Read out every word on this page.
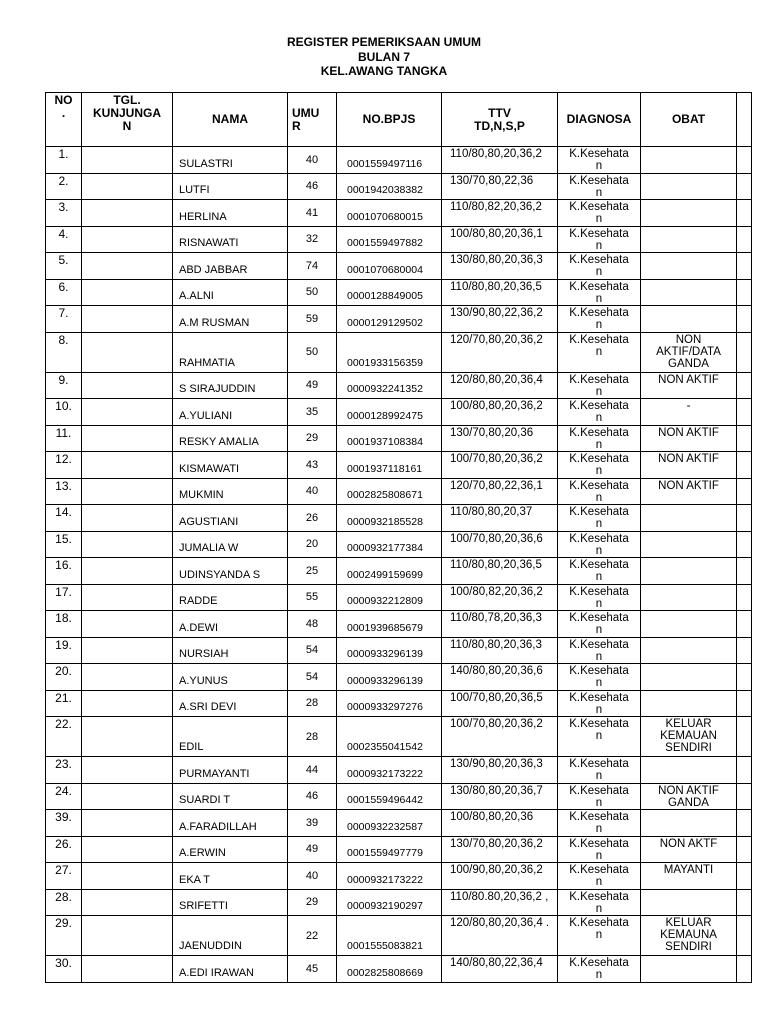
REGISTER PEMERIKSAAN UMUM
BULAN 7
KEL.AWANG TANGKA
NO
.	TGL.
KUNJUNGA
N	NAMA	UMU
R	NO.BPJS	TTV
TD,N,S,P	DIAGNOSA	OBAT	
1.		SULASTRI	40	0001559497116	110/80,80,20,36,2	K.Kesehata
n		
2.		LUTFI	46	0001942038382	130/70,80,22,36	K.Kesehata
n		
3.		HERLINA	41	0001070680015	110/80,82,20,36,2	K.Kesehata
n		
4.		RISNAWATI	32	0001559497882	100/80,80,20,36,1	K.Kesehata
n		
5.		ABD JABBAR	74	0001070680004	130/80,80,20,36,3	K.Kesehata
n		
6.		A.ALNI	50	0000128849005	110/80,80,20,36,5	K.Kesehata
n		
7.		A.M RUSMAN	59	0000129129502	130/90,80,22,36,2	K.Kesehata
n		
8.		RAHMATIA	50	0001933156359	120/70,80,20,36,2	K.Kesehata
n	NON
AKTIF/DATA
GANDA	
9.		S SIRAJUDDIN	49	0000932241352	120/80,80,20,36,4	K.Kesehata
n	NON AKTIF	
10.		A.YULIANI	35	0000128992475	100/80,80,20,36,2	K.Kesehata
n	-	
11.		RESKY AMALIA	29	0001937108384	130/70,80,20,36	K.Kesehata
n	NON AKTIF	
12.		KISMAWATI	43	0001937118161	100/70,80,20,36,2	K.Kesehata
n	NON AKTIF	
13.		MUKMIN	40	0002825808671	120/70,80,22,36,1	K.Kesehata
n	NON AKTIF	
14.		AGUSTIANI	26	0000932185528	110/80,80,20,37	K.Kesehata
n		
15.		JUMALIA W	20	0000932177384	100/70,80,20,36,6	K.Kesehata
n		
16.		UDINSYANDA S	25	0002499159699	110/80,80,20,36,5	K.Kesehata
n		
17.		RADDE	55	0000932212809	100/80,82,20,36,2	K.Kesehata
n		
18.		A.DEWI	48	0001939685679	110/80,78,20,36,3	K.Kesehata
n		
19.		NURSIAH	54	0000933296139	110/80,80,20,36,3	K.Kesehata
n		
20.		A.YUNUS	54	0000933296139	140/80,80,20,36,6	K.Kesehata
n		
21.		A.SRI DEVI	28	0000933297276	100/70,80,20,36,5	K.Kesehata
n		
22.		EDIL	28	0002355041542	100/70,80,20,36,2	K.Kesehata
n	KELUAR
KEMAUAN
SENDIRI	
23.		PURMAYANTI	44	0000932173222	130/90,80,20,36,3	K.Kesehata
n		
24.		SUARDI T	46	0001559496442	130/80,80,20,36,7	K.Kesehata
n	NON AKTIF
GANDA	
39.		A.FARADILLAH	39	0000932232587	100/80,80,20,36	K.Kesehata
n		
26.		A.ERWIN	49	0001559497779	130/70,80,20,36,2	K.Kesehata
n	NON AKTF	
27.		EKA T	40	0000932173222	100/90,80,20,36,2	K.Kesehata
n	MAYANTI	
28.		SRIFETTI	29	0000932190297	110/80.80,20,36,2 ,	K.Kesehata
n		
29.		JAENUDDIN	22	0001555083821	120/80,80,20,36,4 .	K.Kesehata
n	KELUAR
KEMAUNA
SENDIRI	
30.		A.EDI IRAWAN	45	0002825808669	140/80,80,22,36,4	K.Kesehata
n		
